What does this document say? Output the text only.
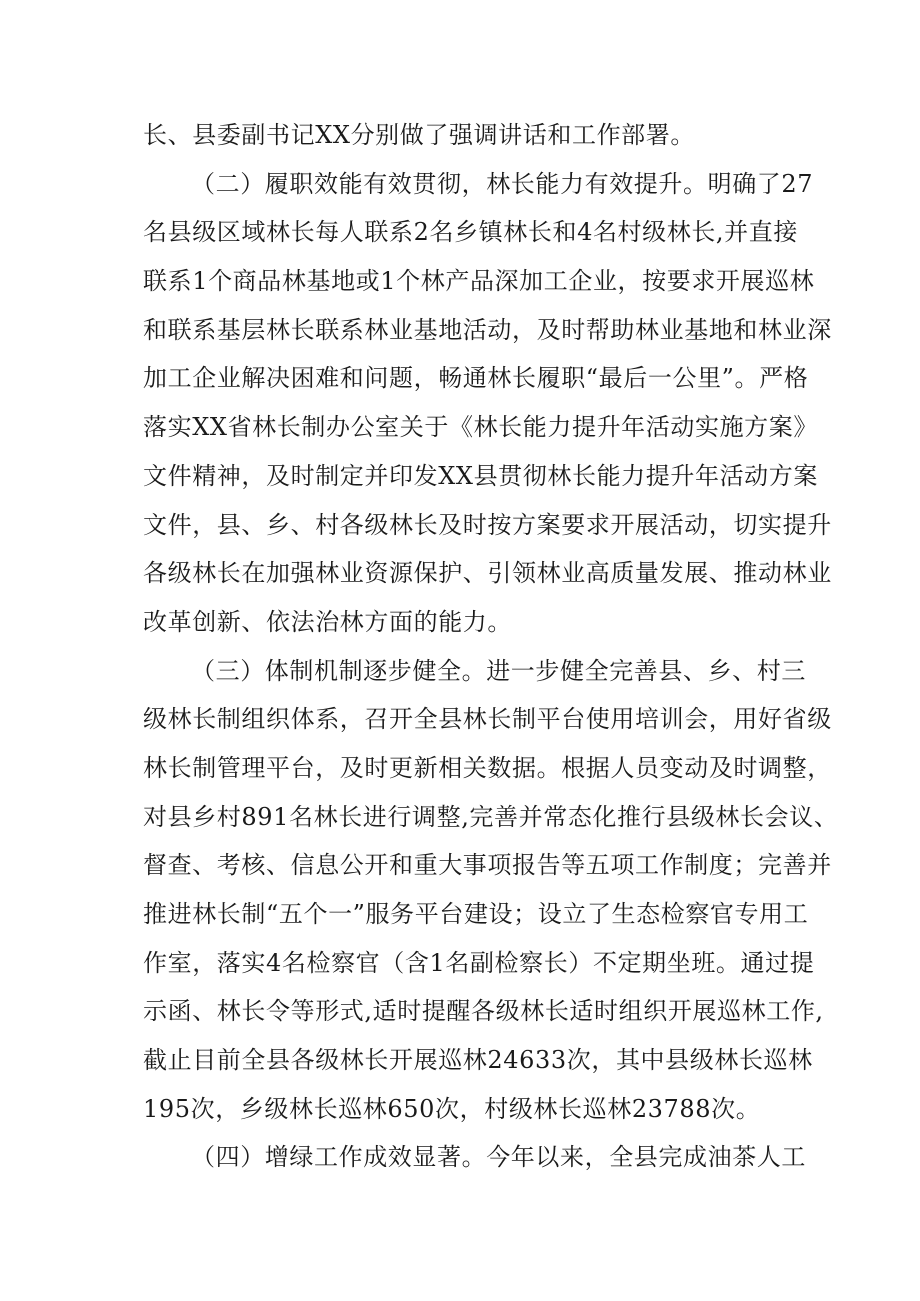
长、县委副书记XX分别做了强调讲话和工作部署。
（二）履职效能有效贯彻，林长能力有效提升。明确了27
名县级区域林长每人联系2名乡镇林长和4名村级林长,并直接
联系1个商品林基地或1个林产品深加工企业，按要求开展巡林
和联系基层林长联系林业基地活动，及时帮助林业基地和林业深
加工企业解决困难和问题，畅通林长履职“最后一公里”。严格
落实XX省林长制办公室关于《林长能力提升年活动实施方案》
文件精神，及时制定并印发XX县贯彻林长能力提升年活动方案
文件，县、乡、村各级林长及时按方案要求开展活动，切实提升
各级林长在加强林业资源保护、引领林业高质量发展、推动林业
改革创新、依法治林方面的能力。
（三）体制机制逐步健全。进一步健全完善县、乡、村三
级林长制组织体系，召开全县林长制平台使用培训会，用好省级
林长制管理平台，及时更新相关数据。根据人员变动及时调整，
对县乡村891名林长进行调整,完善并常态化推行县级林长会议、
督查、考核、信息公开和重大事项报告等五项工作制度；完善并
推进林长制“五个一”服务平台建设；设立了生态检察官专用工
作室，落实4名检察官（含1名副检察长）不定期坐班。通过提
示函、林长令等形式,适时提醒各级林长适时组织开展巡林工作,
截止目前全县各级林长开展巡林24633次，其中县级林长巡林
195次，乡级林长巡林650次，村级林长巡林23788次。
（四）增绿工作成效显著。今年以来，全县完成油茶人工
